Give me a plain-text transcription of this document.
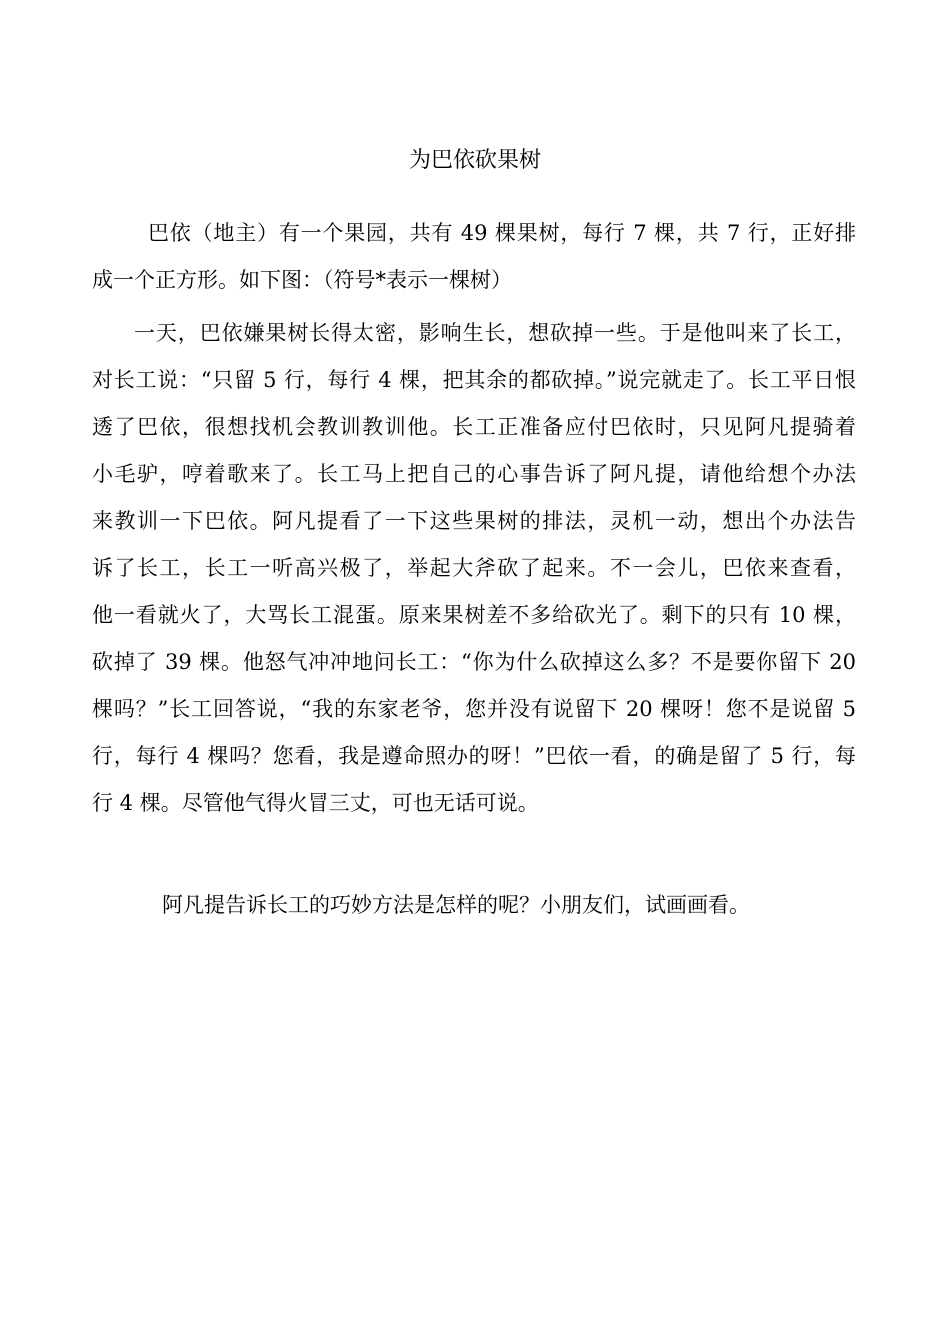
为巴依砍果树

巴依（地主）有一个果园，共有 49 棵果树，每行 7 棵，共 7 行，正好排
成一个正方形。如下图：（符号*表示一棵树）

一天，巴依嫌果树长得太密，影响生长，想砍掉一些。于是他叫来了长工，
对长工说：“只留 5 行，每行 4 棵，把其余的都砍掉。”说完就走了。长工平日恨
透了巴依，很想找机会教训教训他。长工正准备应付巴依时，只见阿凡提骑着
小毛驴，哼着歌来了。长工马上把自己的心事告诉了阿凡提，请他给想个办法
来教训一下巴依。阿凡提看了一下这些果树的排法，灵机一动，想出个办法告
诉了长工，长工一听高兴极了，举起大斧砍了起来。不一会儿，巴依来查看，
他一看就火了，大骂长工混蛋。原来果树差不多给砍光了。剩下的只有 10 棵，
砍掉了 39 棵。他怒气冲冲地问长工：“你为什么砍掉这么多？不是要你留下 20
棵吗？”长工回答说，“我的东家老爷，您并没有说留下 20 棵呀！您不是说留 5
行，每行 4 棵吗？您看，我是遵命照办的呀！”巴依一看，的确是留了 5 行，每
行 4 棵。尽管他气得火冒三丈，可也无话可说。

阿凡提告诉长工的巧妙方法是怎样的呢？小朋友们，试画画看。
